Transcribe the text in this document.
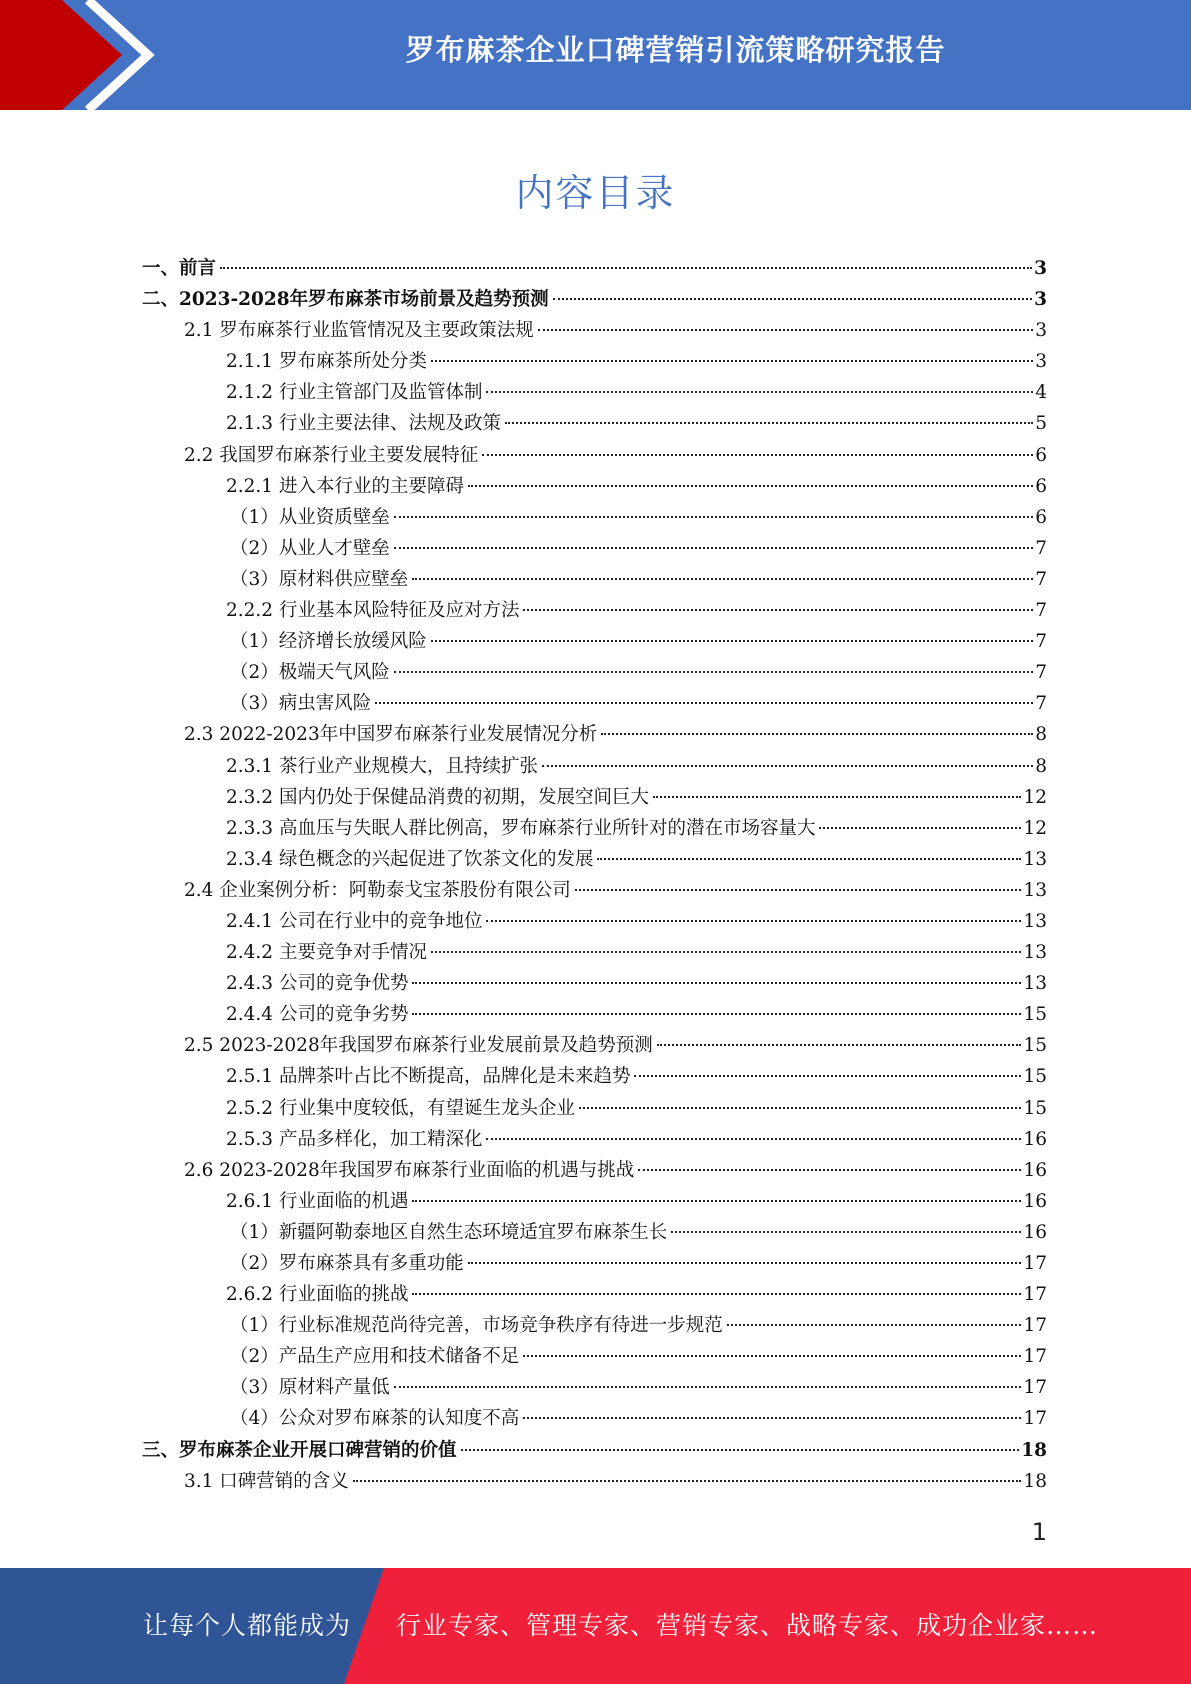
罗布麻茶企业口碑营销引流策略研究报告
内容目录
一、前言	3
二、2023-2028年罗布麻茶市场前景及趋势预测	3
2.1 罗布麻茶行业监管情况及主要政策法规	3
2.1.1 罗布麻茶所处分类	3
2.1.2 行业主管部门及监管体制	4
2.1.3 行业主要法律、法规及政策	5
2.2 我国罗布麻茶行业主要发展特征	6
2.2.1 进入本行业的主要障碍	6
（1）从业资质壁垒	6
（2）从业人才壁垒	7
（3）原材料供应壁垒	7
2.2.2 行业基本风险特征及应对方法	7
（1）经济增长放缓风险	7
（2）极端天气风险	7
（3）病虫害风险	7
2.3 2022-2023年中国罗布麻茶行业发展情况分析	8
2.3.1 茶行业产业规模大，且持续扩张	8
2.3.2 国内仍处于保健品消费的初期，发展空间巨大	12
2.3.3 高血压与失眠人群比例高，罗布麻茶行业所针对的潜在市场容量大	12
2.3.4 绿色概念的兴起促进了饮茶文化的发展	13
2.4 企业案例分析：阿勒泰戈宝茶股份有限公司	13
2.4.1 公司在行业中的竞争地位	13
2.4.2 主要竞争对手情况	13
2.4.3 公司的竞争优势	13
2.4.4 公司的竞争劣势	15
2.5 2023-2028年我国罗布麻茶行业发展前景及趋势预测	15
2.5.1 品牌茶叶占比不断提高，品牌化是未来趋势	15
2.5.2 行业集中度较低，有望诞生龙头企业	15
2.5.3 产品多样化，加工精深化	16
2.6 2023-2028年我国罗布麻茶行业面临的机遇与挑战	16
2.6.1 行业面临的机遇	16
（1）新疆阿勒泰地区自然生态环境适宜罗布麻茶生长	16
（2）罗布麻茶具有多重功能	17
2.6.2 行业面临的挑战	17
（1）行业标准规范尚待完善，市场竞争秩序有待进一步规范	17
（2）产品生产应用和技术储备不足	17
（3）原材料产量低	17
（4）公众对罗布麻茶的认知度不高	17
三、罗布麻茶企业开展口碑营销的价值	18
3.1 口碑营销的含义	18
1
让每个人都能成为 行业专家、管理专家、营销专家、战略专家、成功企业家……
